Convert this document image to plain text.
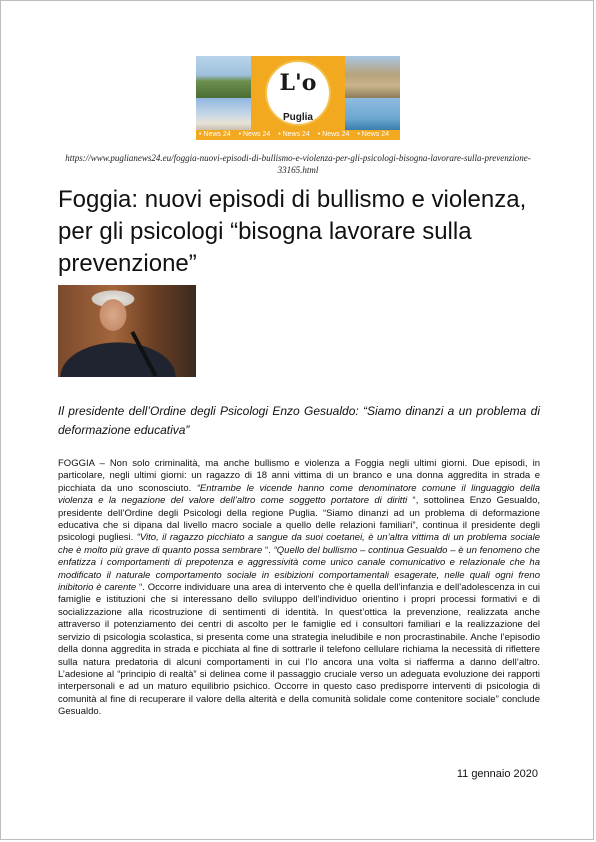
L'o
Puglia
• News 24 • News 24 • News 24 • News 24 • News 24
https://www.puglianews24.eu/foggia-nuovi-episodi-di-bullismo-e-violenza-per-gli-psicologi-bisogna-lavorare-sulla-prevenzione-33165.html
Foggia: nuovi episodi di bullismo e violenza, per gli psicologi “bisogna lavorare sulla prevenzione”

Il presidente dell’Ordine degli Psicologi Enzo Gesualdo: “Siamo dinanzi a un problema di deformazione educativa”

FOGGIA – Non solo criminalità, ma anche bullismo e violenza a Foggia negli ultimi giorni. Due episodi, in particolare, negli ultimi giorni: un ragazzo di 18 anni vittima di un branco e una donna aggredita in strada e picchiata da uno sconosciuto. “Entrambe le vicende hanno come denominatore comune il linguaggio della violenza e la negazione del valore dell’altro come soggetto portatore di diritti “, sottolinea Enzo Gesualdo, presidente dell’Ordine degli Psicologi della regione Puglia. “Siamo dinanzi ad un problema di deformazione educativa che si dipana dal livello macro sociale a quello delle relazioni familiari”, continua il presidente degli psicologi pugliesi. “Vito, il ragazzo picchiato a sangue da suoi coetanei, è un’altra vittima di un problema sociale che è molto più grave di quanto possa sembrare “. “Quello del bullismo – continua Gesualdo – è un fenomeno che enfatizza i comportamenti di prepotenza e aggressività come unico canale comunicativo e relazionale che ha modificato il naturale comportamento sociale in esibizioni comportamentali esagerate, nelle quali ogni freno inibitorio è carente “. Occorre individuare una area di intervento che è quella dell’infanzia e dell’adolescenza in cui famiglie e istituzioni che si interessano dello sviluppo dell’individuo orientino i propri processi formativi e di socializzazione alla ricostruzione di sentimenti di identità. In quest’ottica la prevenzione, realizzata anche attraverso il potenziamento dei centri di ascolto per le famiglie ed i consultori familiari e la realizzazione del servizio di psicologia scolastica, si presenta come una strategia ineludibile e non procrastinabile. Anche l’episodio della donna aggredita in strada e picchiata al fine di sottrarle il telefono cellulare richiama la necessità di riflettere sulla natura predatoria di alcuni comportamenti in cui l’Io ancora una volta si riafferma a danno dell’altro. L’adesione al “principio di realtà” si delinea come il passaggio cruciale verso un adeguata evoluzione dei rapporti interpersonali e ad un maturo equilibrio psichico. Occorre in questo caso predisporre interventi di psicologia di comunità al fine di recuperare il valore della alterità e della comunità solidale come contenitore sociale” conclude Gesualdo.

11 gennaio 2020
